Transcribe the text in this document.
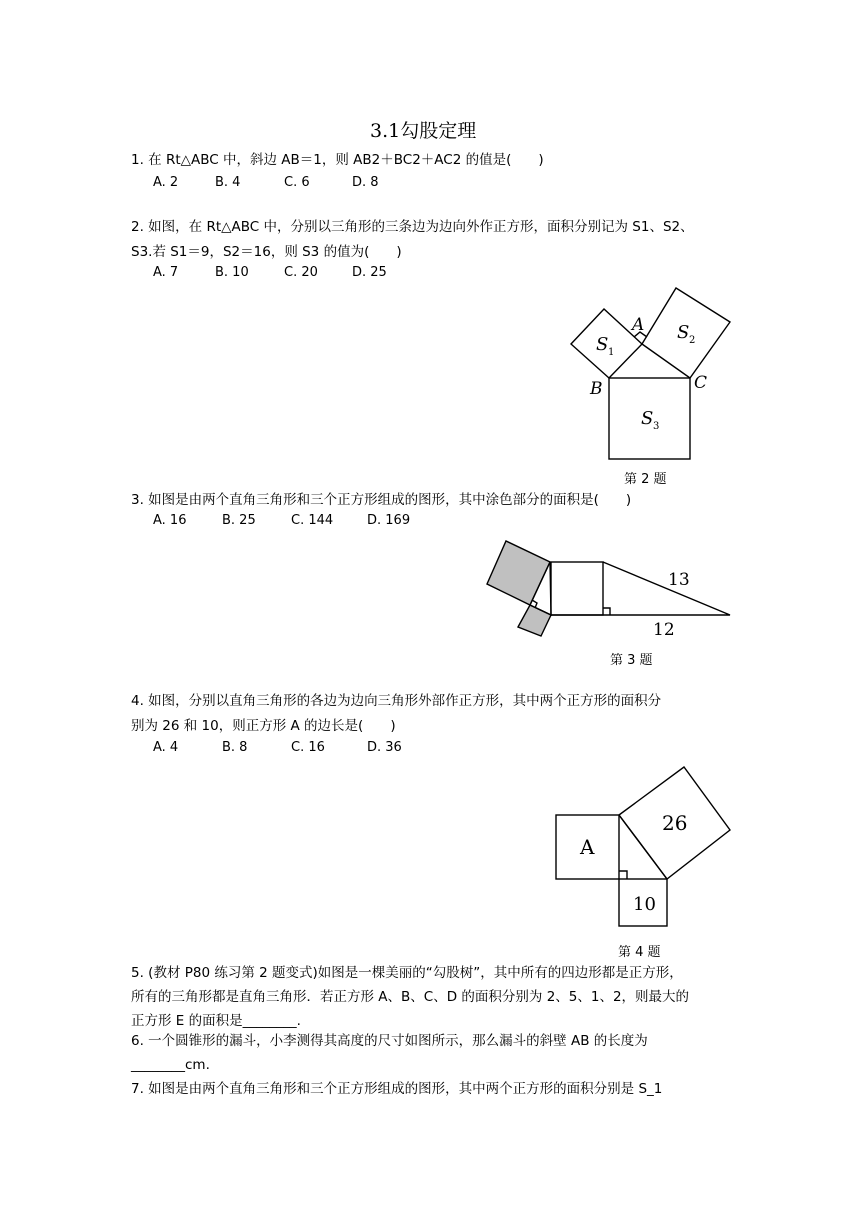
3.1勾股定理
1. 在 Rt△ABC 中，斜边 AB＝1，则 AB2＋BC2＋AC2 的值是(　　)
A. 2	B. 4	C. 6	D. 8
2. 如图，在 Rt△ABC 中，分别以三角形的三条边为边向外作正方形，面积分别记为 S1、S2、
S3.若 S1＝9，S2＝16，则 S3 的值为(　　)
A. 7	B. 10	C. 20	D. 25
A
B	C
S 1
S 2
S 3
第 2 题
3. 如图是由两个直角三角形和三个正方形组成的图形，其中涂色部分的面积是(　　)
A. 16	B. 25	C. 144	D. 169
13
12
第 3 题
4. 如图，分别以直角三角形的各边为边向三角形外部作正方形，其中两个正方形的面积分
别为 26 和 10，则正方形 A 的边长是(　　)
A. 4	B. 8	C. 16	D. 36
A
26
10
第 4 题
5. (教材 P80 练习第 2 题变式)如图是一棵美丽的“勾股树”，其中所有的四边形都是正方形，
所有的三角形都是直角三角形．若正方形 A、B、C、D 的面积分别为 2、5、1、2，则最大的
正方形 E 的面积是________.
6. 一个圆锥形的漏斗，小李测得其高度的尺寸如图所示，那么漏斗的斜壁 AB 的长度为
________cm.
7. 如图是由两个直角三角形和三个正方形组成的图形，其中两个正方形的面积分别是 S_1
